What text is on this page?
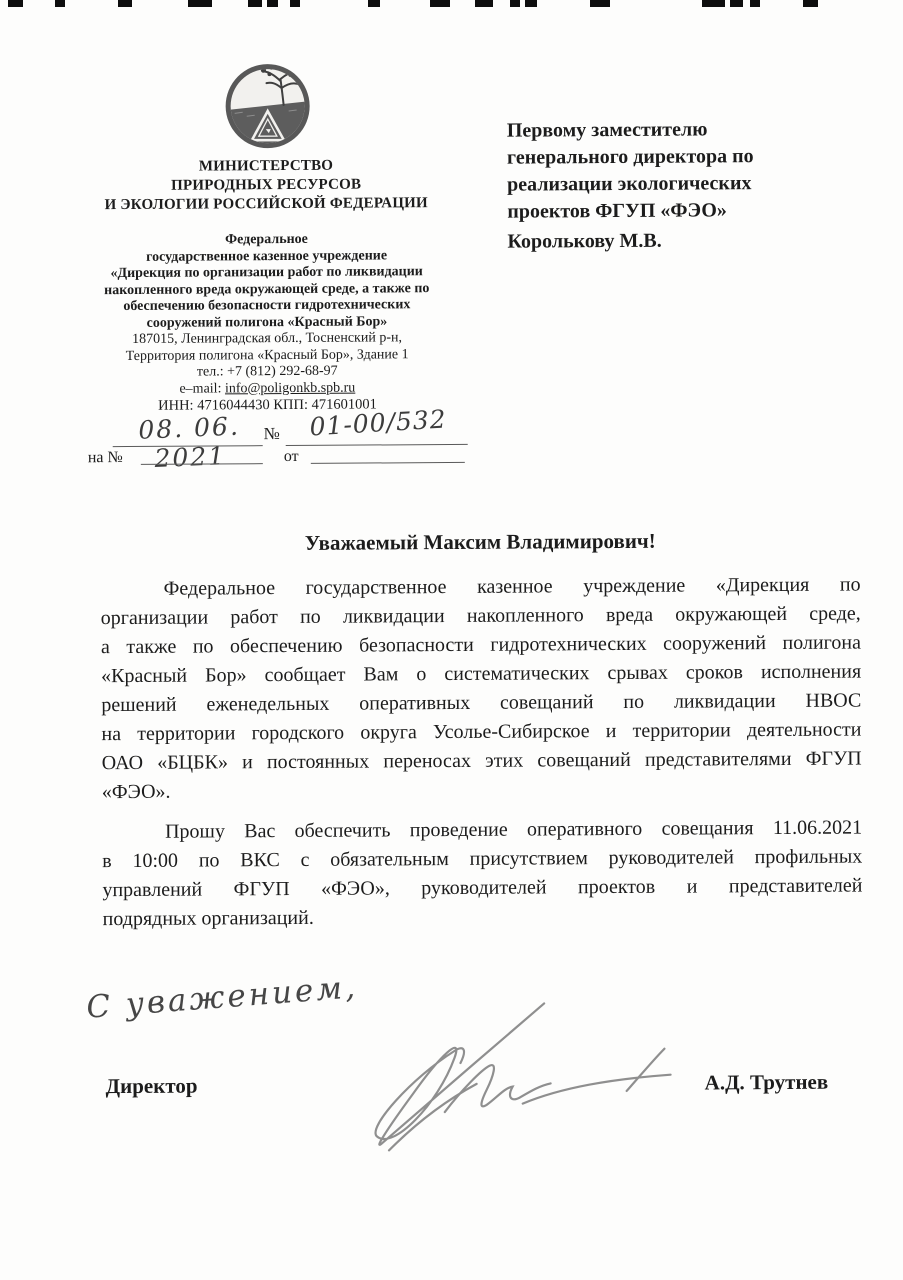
МИНИСТЕРСТВО
ПРИРОДНЫХ РЕСУРСОВ
И ЭКОЛОГИИ РОССИЙСКОЙ ФЕДЕРАЦИИ
Федеральное
государственное казенное учреждение
«Дирекция по организации работ по ликвидации
накопленного вреда окружающей среде, а также по
обеспечению безопасности гидротехнических
сооружений полигона «Красный Бор»
187015, Ленинградская обл., Тосненский р-н,
Территория полигона «Красный Бор», Здание 1
тел.: +7 (812) 292-68-97
e–mail: info@poligonkb.spb.ru
ИНН: 4716044430 КПП: 471601001
08. 06. 2021
№	01-00/532
на №	от
Первому заместителю
генерального директора по
реализации экологических
проектов ФГУП «ФЭО»
Королькову М.В.
Уважаемый Максим Владимирович!
Федеральное государственное казенное учреждение «Дирекция по
организации работ по ликвидации накопленного вреда окружающей среде,
а также по обеспечению безопасности гидротехнических сооружений полигона
«Красный Бор» сообщает Вам о систематических срывах сроков исполнения
решений еженедельных оперативных совещаний по ликвидации НВОС
на территории городского округа Усолье-Сибирское и территории деятельности
ОАО «БЦБК» и постоянных переносах этих совещаний представителями ФГУП
«ФЭО».
Прошу Вас обеспечить проведение оперативного совещания 11.06.2021
в 10:00 по ВКС с обязательным присутствием руководителей профильных
управлений ФГУП «ФЭО», руководителей проектов и представителей
подрядных организаций.
С уважением,
Директор	А.Д. Трутнев
